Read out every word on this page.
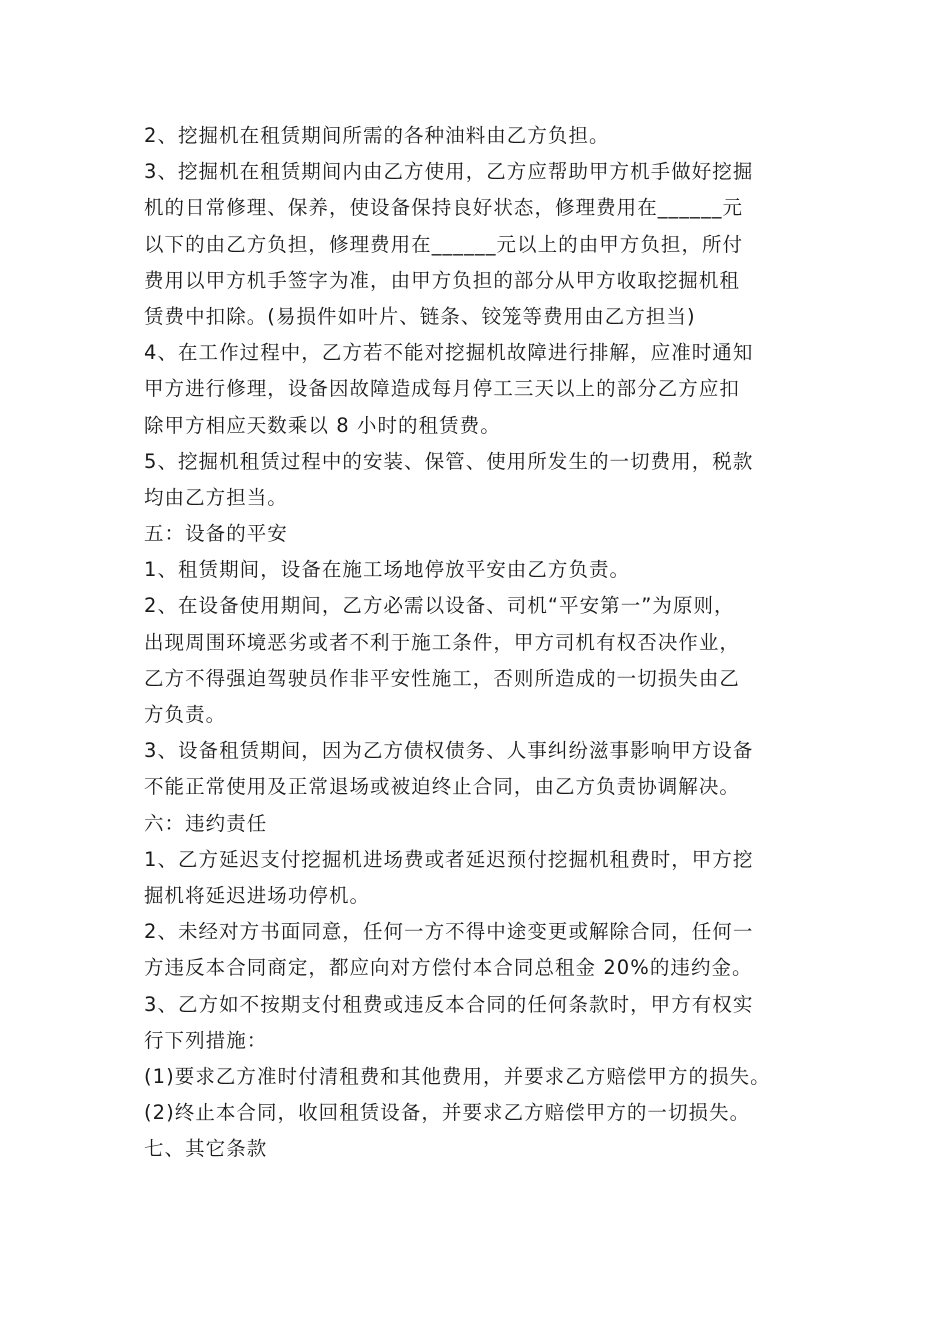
2、挖掘机在租赁期间所需的各种油料由乙方负担。
3、挖掘机在租赁期间内由乙方使用，乙方应帮助甲方机手做好挖掘
机的日常修理、保养，使设备保持良好状态，修理费用在______元
以下的由乙方负担，修理费用在______元以上的由甲方负担，所付
费用以甲方机手签字为准，由甲方负担的部分从甲方收取挖掘机租
赁费中扣除。(易损件如叶片、链条、铰笼等费用由乙方担当)
4、在工作过程中，乙方若不能对挖掘机故障进行排解，应准时通知
甲方进行修理，设备因故障造成每月停工三天以上的部分乙方应扣
除甲方相应天数乘以 8 小时的租赁费。
5、挖掘机租赁过程中的安装、保管、使用所发生的一切费用，税款
均由乙方担当。
五：设备的平安
1、租赁期间，设备在施工场地停放平安由乙方负责。
2、在设备使用期间，乙方必需以设备、司机“平安第一”为原则，
出现周围环境恶劣或者不利于施工条件，甲方司机有权否决作业，
乙方不得强迫驾驶员作非平安性施工，否则所造成的一切损失由乙
方负责。
3、设备租赁期间，因为乙方债权债务、人事纠纷滋事影响甲方设备
不能正常使用及正常退场或被迫终止合同，由乙方负责协调解决。
六：违约责任
1、乙方延迟支付挖掘机进场费或者延迟预付挖掘机租费时，甲方挖
掘机将延迟进场功停机。
2、未经对方书面同意，任何一方不得中途变更或解除合同，任何一
方违反本合同商定，都应向对方偿付本合同总租金 20%的违约金。
3、乙方如不按期支付租费或违反本合同的任何条款时，甲方有权实
行下列措施：
(1)要求乙方准时付清租费和其他费用，并要求乙方赔偿甲方的损失。
(2)终止本合同，收回租赁设备，并要求乙方赔偿甲方的一切损失。
七、其它条款
